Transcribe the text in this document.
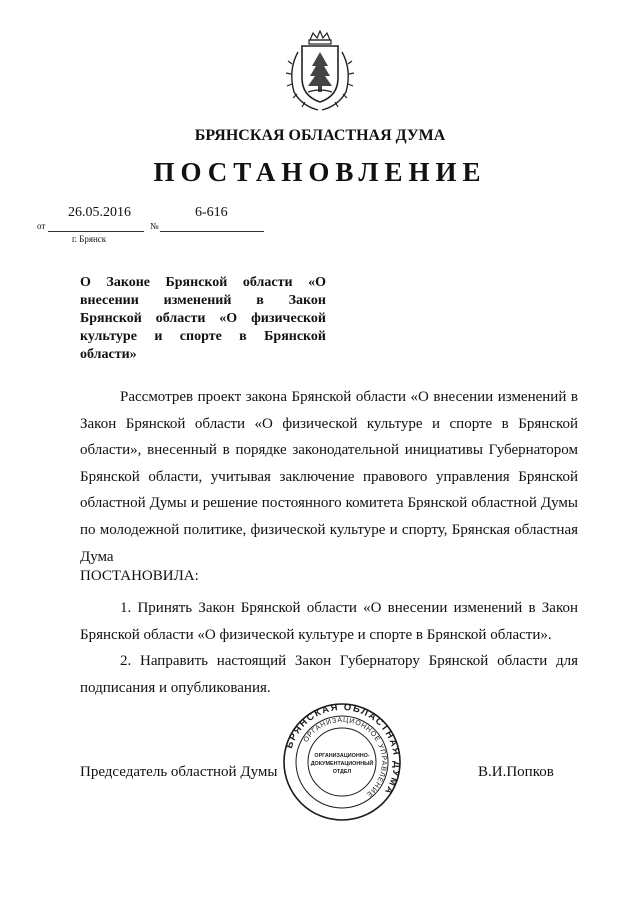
БРЯНСКАЯ ОБЛАСТНАЯ ДУМА
ПОСТАНОВЛЕНИЕ
26.05.2016	6-616
от	№
г. Брянск
О Законе Брянской области «О внесении изменений в Закон Брянской области «О физической культуре и спорте в Брянской области»

Рассмотрев проект закона Брянской области «О внесении изменений в Закон Брянской области «О физической культуре и спорте в Брянской области», внесенный в порядке законодательной инициативы Губернатором Брянской области, учитывая заключение правового управления Брянской областной Думы и решение постоянного комитета Брянской областной Думы по молодежной политике, физической культуре и спорту, Брянская областная Дума

ПОСТАНОВИЛА:

1. Принять Закон Брянской области «О внесении изменений в Закон Брянской области «О физической культуре и спорте в Брянской области».

2. Направить настоящий Закон Губернатору Брянской области для подписания и опубликования.

Председатель областной Думы	В.И.Попков
БРЯНСКАЯ ОБЛАСТНАЯ ДУМА
ОРГАНИЗАЦИОННОЕ УПРАВЛЕНИЕ
ОРГАНИЗАЦИОННО-
ДОКУМЕНТАЦИОННЫЙ
ОТДЕЛ
